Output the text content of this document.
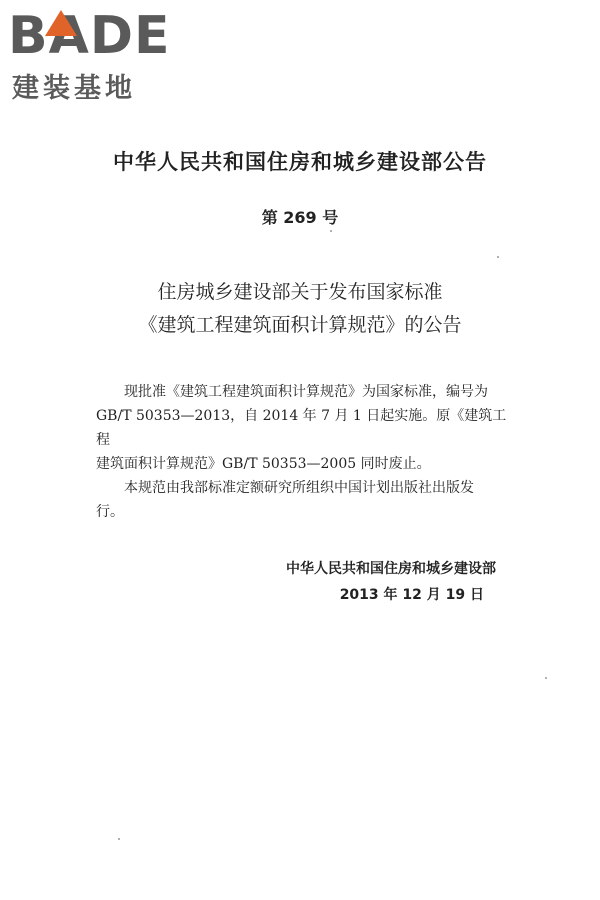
BADE
建装基地
中华人民共和国住房和城乡建设部公告
第 269 号
住房城乡建设部关于发布国家标准
《建筑工程建筑面积计算规范》的公告

现批准《建筑工程建筑面积计算规范》为国家标准，编号为

GB/T 50353—2013，自 2014 年 7 月 1 日起实施。原《建筑工程

建筑面积计算规范》GB/T 50353—2005 同时废止。

本规范由我部标准定额研究所组织中国计划出版社出版发

行。

中华人民共和国住房和城乡建设部
2013 年 12 月 19 日
